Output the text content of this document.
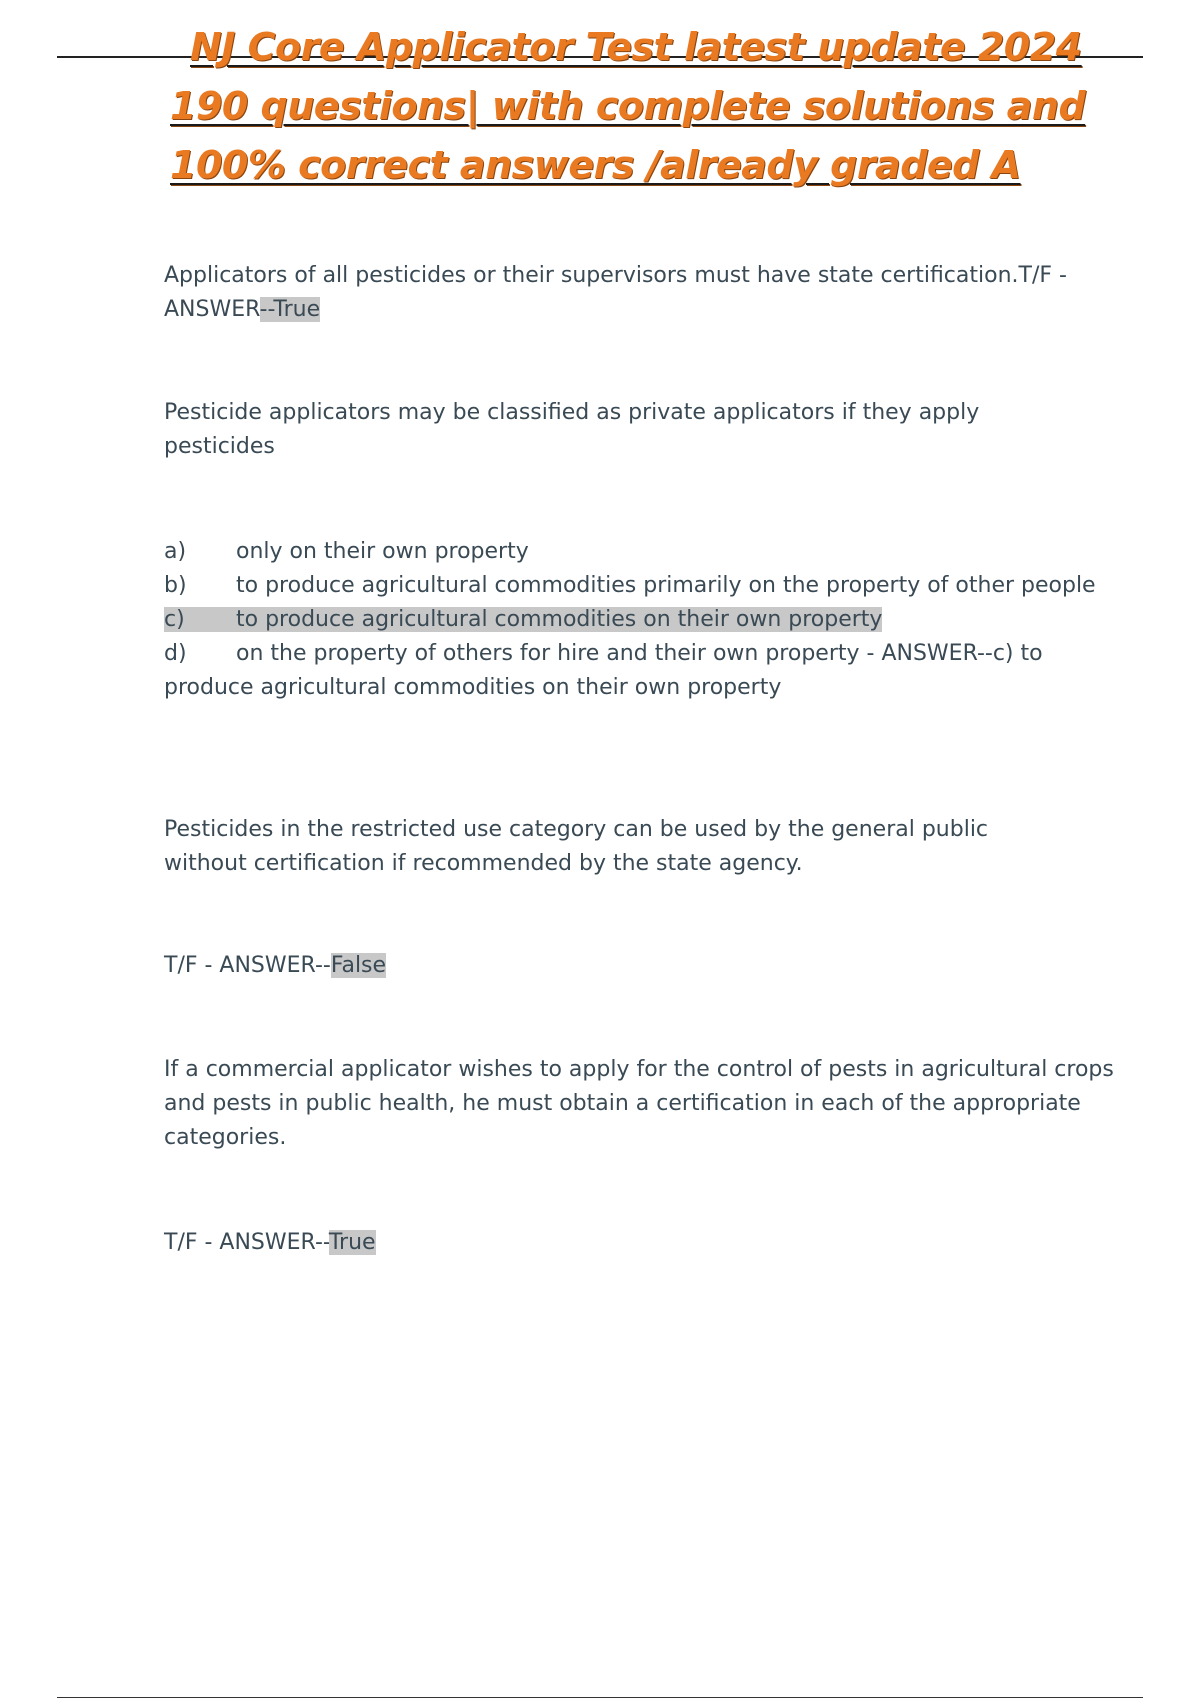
NJ Core Applicator Test latest update 2024
190 questions| with complete solutions and
100% correct answers /already graded A
Applicators of all pesticides or their supervisors must have state certification.T/F -
ANSWER--True
Pesticide applicators may be classified as private applicators if they apply pesticides
a) only on their own property
b) to produce agricultural commodities primarily on the property of other people
c) to produce agricultural commodities on their own property
d) on the property of others for hire and their own property - ANSWER--c) to produce agricultural commodities on their own property
Pesticides in the restricted use category can be used by the general public without certification if recommended by the state agency.
T/F - ANSWER--False
If a commercial applicator wishes to apply for the control of pests in agricultural crops and pests in public health, he must obtain a certification in each of the appropriate categories.
T/F - ANSWER--True
